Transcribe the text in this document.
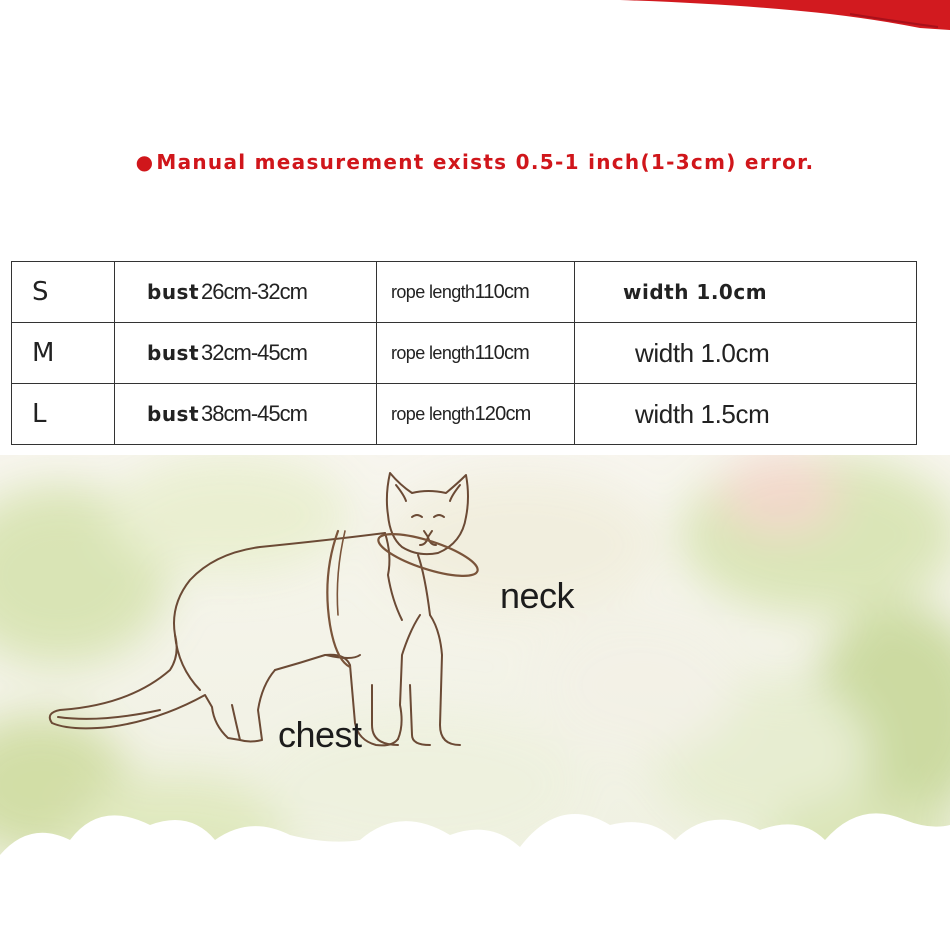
● Manual measurement exists 0.5-1 inch(1-3cm) error.
S	bust26cm-32cm	rope length110cm	width 1.0cm
M	bust32cm-45cm	rope length110cm	width 1.0cm
L	bust38cm-45cm	rope length120cm	width 1.5cm
neck
chest
